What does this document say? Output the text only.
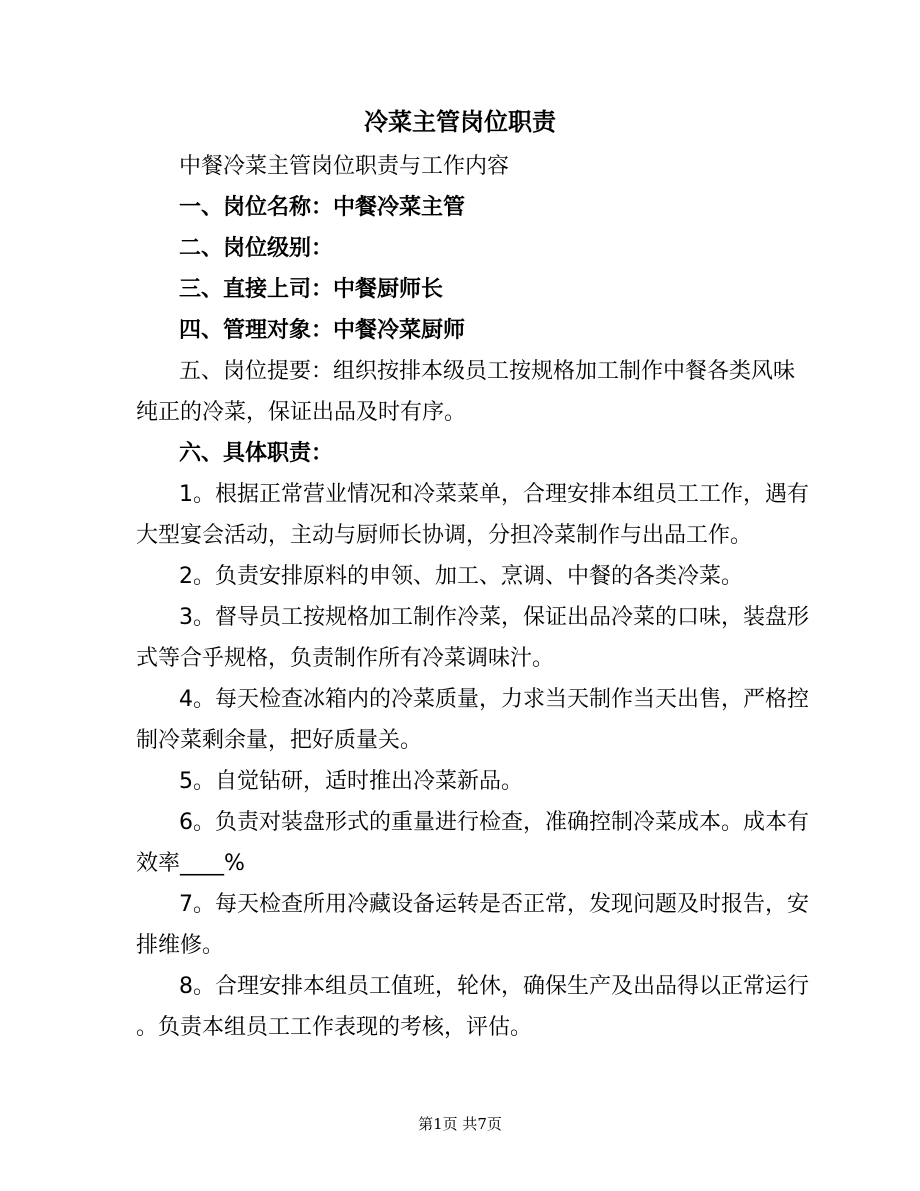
冷菜主管岗位职责
中餐冷菜主管岗位职责与工作内容
一、岗位名称：中餐冷菜主管
二、岗位级别：
三、直接上司：中餐厨师长
四、管理对象：中餐冷菜厨师
五、岗位提要：组织按排本级员工按规格加工制作中餐各类风味
纯正的冷菜，保证出品及时有序。
六、具体职责：
1。根据正常营业情况和冷菜菜单，合理安排本组员工工作，遇有
大型宴会活动，主动与厨师长协调，分担冷菜制作与出品工作。
2。负责安排原料的申领、加工、烹调、中餐的各类冷菜。
3。督导员工按规格加工制作冷菜，保证出品冷菜的口味，装盘形
式等合乎规格，负责制作所有冷菜调味汁。
4。每天检查冰箱内的冷菜质量，力求当天制作当天出售，严格控
制冷菜剩余量，把好质量关。
5。自觉钻研，适时推出冷菜新品。
6。负责对装盘形式的重量进行检查，准确控制冷菜成本。成本有
效率____%
7。每天检查所用冷藏设备运转是否正常，发现问题及时报告，安
排维修。
8。合理安排本组员工值班，轮休，确保生产及出品得以正常运行
。负责本组员工工作表现的考核，评估。
第1页 共7页
